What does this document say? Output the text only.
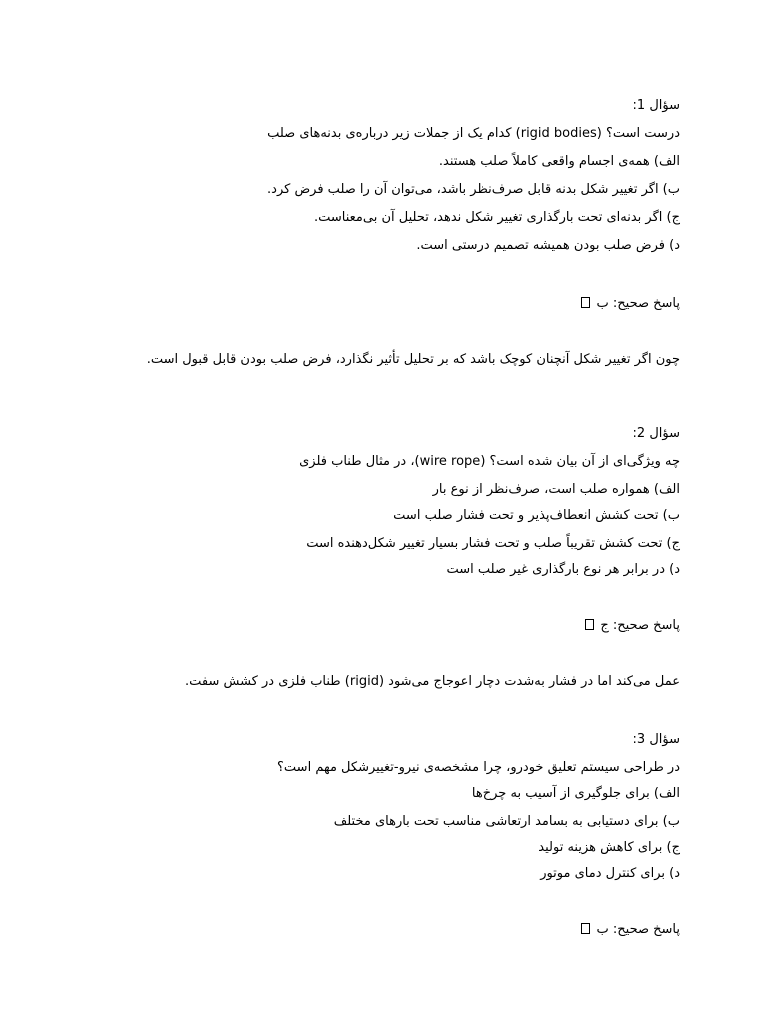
سؤال 1:
درست است؟ (rigid bodies) کدام یک از جملات زیر درباره‌ی بدنه‌های صلب
الف) همه‌ی اجسام واقعی کاملاً صلب هستند.
ب) اگر تغییر شکل بدنه قابل صرف‌نظر باشد، می‌توان آن را صلب فرض کرد.
ج) اگر بدنه‌ای تحت بارگذاری تغییر شکل ندهد، تحلیل آن بی‌معناست.
د) فرض صلب بودن همیشه تصمیم درستی است.
پاسخ صحیح: ب
چون اگر تغییر شکل آنچنان کوچک باشد که بر تحلیل تأثیر نگذارد، فرض صلب بودن قابل قبول است.
سؤال 2:
چه ویژگی‌ای از آن بیان شده است؟ (wire rope)، در مثال طناب فلزی
الف) همواره صلب است، صرف‌نظر از نوع بار
ب) تحت کشش انعطاف‌پذیر و تحت فشار صلب است
ج) تحت کشش تقریباً صلب و تحت فشار بسیار تغییر شکل‌دهنده است
د) در برابر هر نوع بارگذاری غیر صلب است
پاسخ صحیح: ج
عمل می‌کند اما در فشار به‌شدت دچار اعوجاج می‌شود (rigid) طناب فلزی در کشش سفت.
سؤال 3:
در طراحی سیستم تعلیق خودرو، چرا مشخصه‌ی نیرو-تغییرشکل مهم است؟
الف) برای جلوگیری از آسیب به چرخ‌ها
ب) برای دستیابی به بسامد ارتعاشی مناسب تحت بارهای مختلف
ج) برای کاهش هزینه تولید
د) برای کنترل دمای موتور
پاسخ صحیح: ب
